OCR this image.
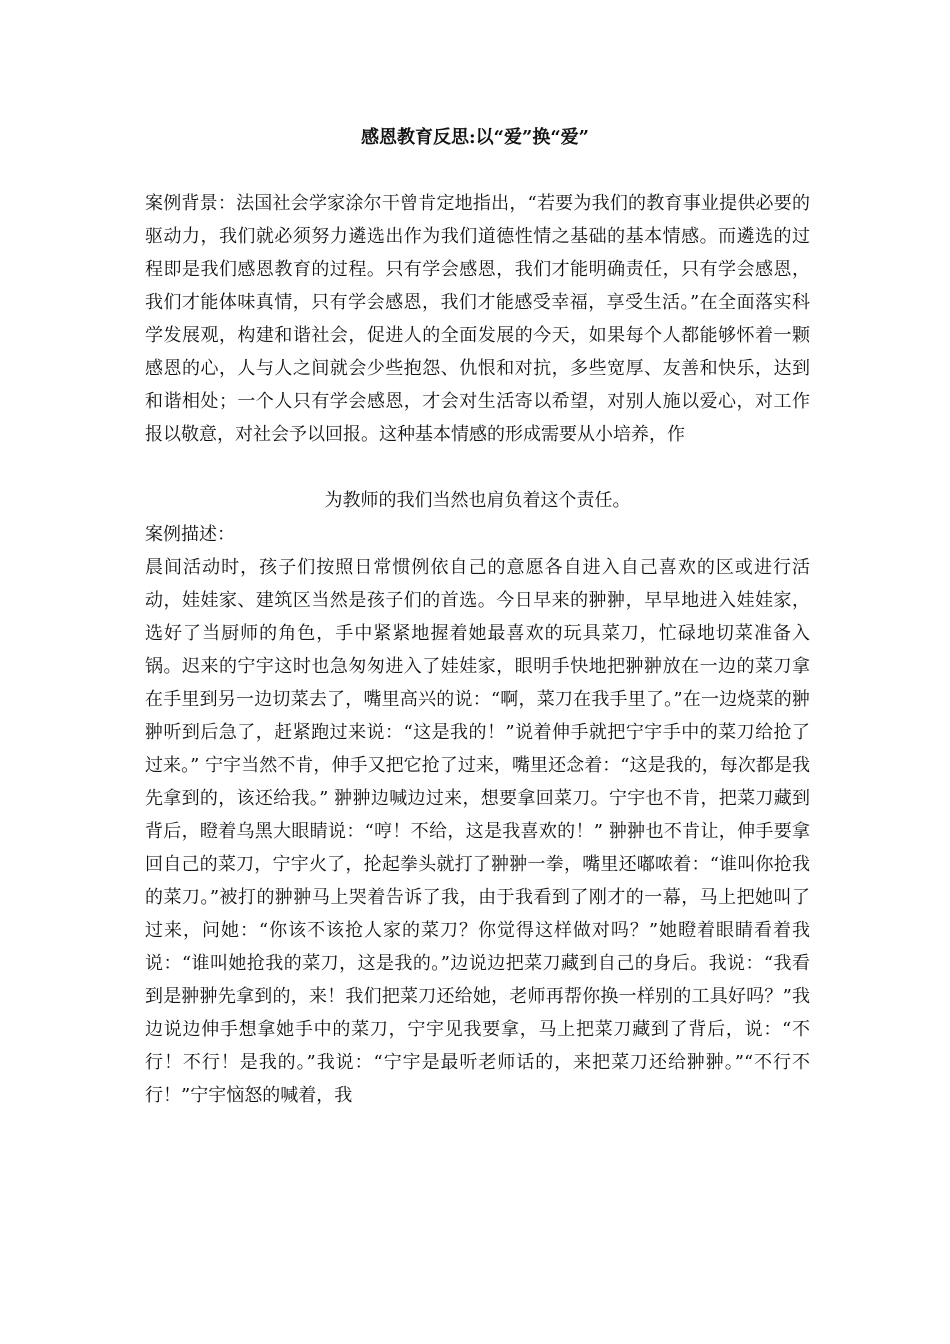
感恩教育反思:以“爱”换“爱”

案例背景：法国社会学家涂尔干曾肯定地指出，“若要为我们的教育事业提供必要的驱动力，我们就必须努力遴选出作为我们道德性情之基础的基本情感。而遴选的过程即是我们感恩教育的过程。只有学会感恩，我们才能明确责任，只有学会感恩，我们才能体味真情，只有学会感恩，我们才能感受幸福，享受生活。”在全面落实科学发展观，构建和谐社会，促进人的全面发展的今天，如果每个人都能够怀着一颗感恩的心，人与人之间就会少些抱怨、仇恨和对抗，多些宽厚、友善和快乐，达到和谐相处；一个人只有学会感恩，才会对生活寄以希望，对别人施以爱心，对工作报以敬意，对社会予以回报。这种基本情感的形成需要从小培养，作

为教师的我们当然也肩负着这个责任。

案例描述：

晨间活动时，孩子们按照日常惯例依自己的意愿各自进入自己喜欢的区或进行活动，娃娃家、建筑区当然是孩子们的首选。今日早来的翀翀，早早地进入娃娃家，选好了当厨师的角色，手中紧紧地握着她最喜欢的玩具菜刀，忙碌地切菜准备入锅。迟来的宁宇这时也急匆匆进入了娃娃家，眼明手快地把翀翀放在一边的菜刀拿在手里到另一边切菜去了，嘴里高兴的说：“啊，菜刀在我手里了。”在一边烧菜的翀翀听到后急了，赶紧跑过来说：“这是我的！”说着伸手就把宁宇手中的菜刀给抢了过来。” 宁宇当然不肯，伸手又把它抢了过来，嘴里还念着：“这是我的，每次都是我先拿到的，该还给我。” 翀翀边喊边过来，想要拿回菜刀。宁宇也不肯，把菜刀藏到背后，瞪着乌黑大眼睛说：“哼！不给，这是我喜欢的！” 翀翀也不肯让，伸手要拿回自己的菜刀，宁宇火了，抡起拳头就打了翀翀一拳，嘴里还嘟哝着：“谁叫你抢我的菜刀。”被打的翀翀马上哭着告诉了我，由于我看到了刚才的一幕，马上把她叫了过来，问她：“你该不该抢人家的菜刀？你觉得这样做对吗？”她瞪着眼睛看着我说：“谁叫她抢我的菜刀，这是我的。”边说边把菜刀藏到自己的身后。我说：“我看到是翀翀先拿到的，来！我们把菜刀还给她，老师再帮你换一样别的工具好吗？”我边说边伸手想拿她手中的菜刀，宁宇见我要拿，马上把菜刀藏到了背后，说：“不行！不行！是我的。”我说：“宁宇是最听老师话的，来把菜刀还给翀翀。”“不行不行！”宁宇恼怒的喊着，我
